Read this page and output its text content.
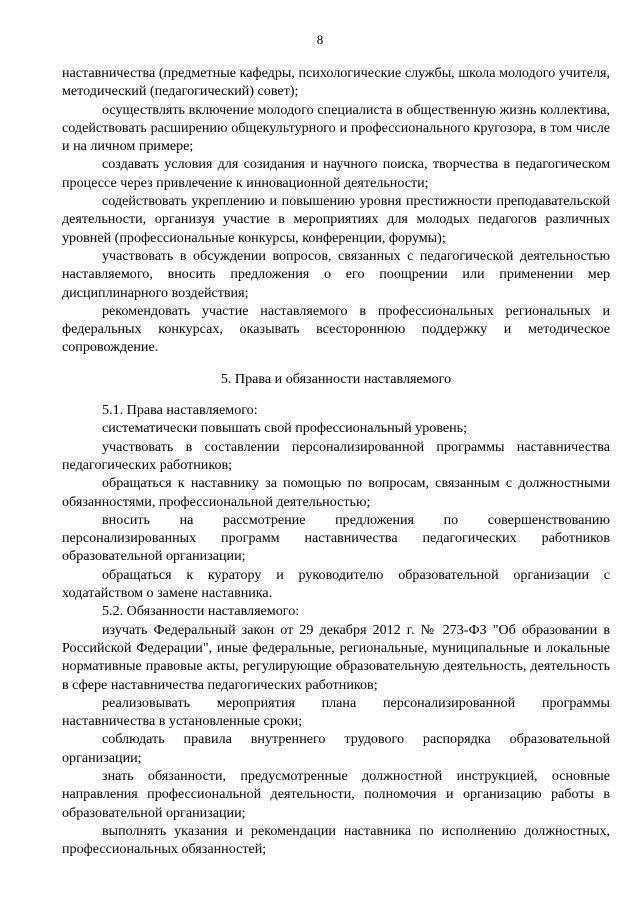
8

наставничества (предметные кафедры, психологические службы, школа молодого учителя, методический (педагогический) совет);

осуществлять включение молодого специалиста в общественную жизнь коллектива, содействовать расширению общекультурного и профессионального кругозора, в том числе и на личном примере;

создавать условия для созидания и научного поиска, творчества в педагогическом процессе через привлечение к инновационной деятельности;

содействовать укреплению и повышению уровня престижности преподавательской деятельности, организуя участие в мероприятиях для молодых педагогов различных уровней (профессиональные конкурсы, конференции, форумы);

участвовать в обсуждении вопросов, связанных с педагогической деятельностью наставляемого, вносить предложения о его поощрении или применении мер дисциплинарного воздействия;

рекомендовать участие наставляемого в профессиональных региональных и федеральных конкурсах, оказывать всестороннюю поддержку и методическое сопровождение.

5. Права и обязанности наставляемого

5.1. Права наставляемого:

систематически повышать свой профессиональный уровень;

участвовать в составлении персонализированной программы наставничества педагогических работников;

обращаться к наставнику за помощью по вопросам, связанным с должностными обязанностями, профессиональной деятельностью;

вносить на рассмотрение предложения по совершенствованию персонализированных программ наставничества педагогических работников образовательной организации;

обращаться к куратору и руководителю образовательной организации с ходатайством о замене наставника.

5.2. Обязанности наставляемого:

изучать Федеральный закон от 29 декабря 2012 г. № 273-ФЗ "Об образовании в Российской Федерации", иные федеральные, региональные, муниципальные и локальные нормативные правовые акты, регулирующие образовательную деятельность, деятельность в сфере наставничества педагогических работников;

реализовывать мероприятия плана персонализированной программы наставничества в установленные сроки;

соблюдать правила внутреннего трудового распорядка образовательной организации;

знать обязанности, предусмотренные должностной инструкцией, основные направления профессиональной деятельности, полномочия и организацию работы в образовательной организации;

выполнять указания и рекомендации наставника по исполнению должностных, профессиональных обязанностей;
